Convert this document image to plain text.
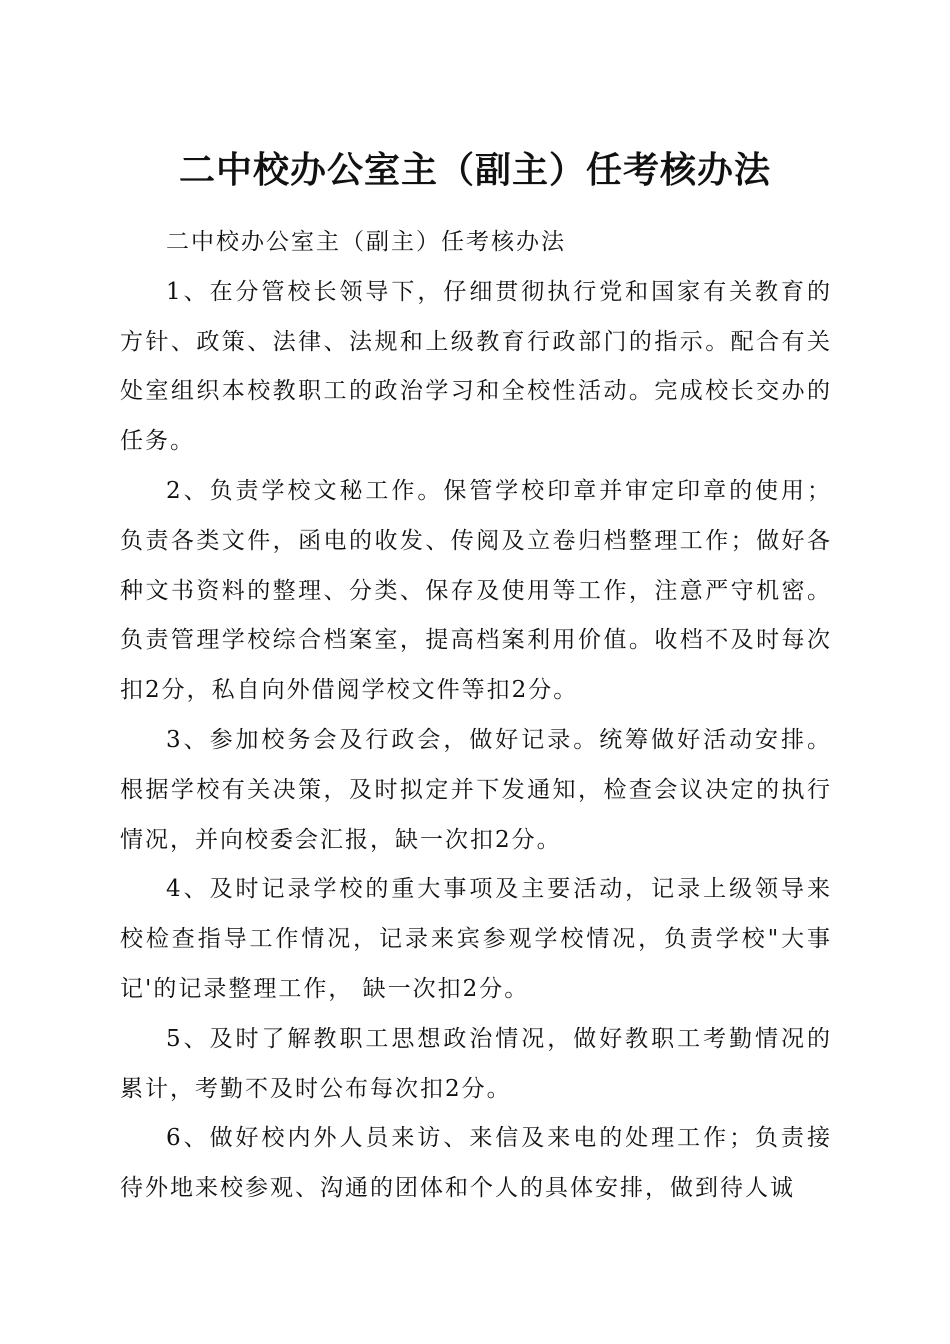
二中校办公室主（副主）任考核办法

二中校办公室主（副主）任考核办法

1、在分管校长领导下，仔细贯彻执行党和国家有关教育的方针、政策、法律、法规和上级教育行政部门的指示。配合有关处室组织本校教职工的政治学习和全校性活动。完成校长交办的任务。

2、负责学校文秘工作。保管学校印章并审定印章的使用；负责各类文件，函电的收发、传阅及立卷归档整理工作；做好各种文书资料的整理、分类、保存及使用等工作，注意严守机密。负责管理学校综合档案室，提高档案利用价值。收档不及时每次扣2分，私自向外借阅学校文件等扣2分。

3、参加校务会及行政会，做好记录。统筹做好活动安排。根据学校有关决策，及时拟定并下发通知，检查会议决定的执行情况，并向校委会汇报，缺一次扣2分。

4、及时记录学校的重大事项及主要活动，记录上级领导来校检查指导工作情况，记录来宾参观学校情况，负责学校"大事记'的记录整理工作， 缺一次扣2分。

5、及时了解教职工思想政治情况，做好教职工考勤情况的累计，考勤不及时公布每次扣2分。

6、做好校内外人员来访、来信及来电的处理工作；负责接待外地来校参观、沟通的团体和个人的具体安排，做到待人诚
